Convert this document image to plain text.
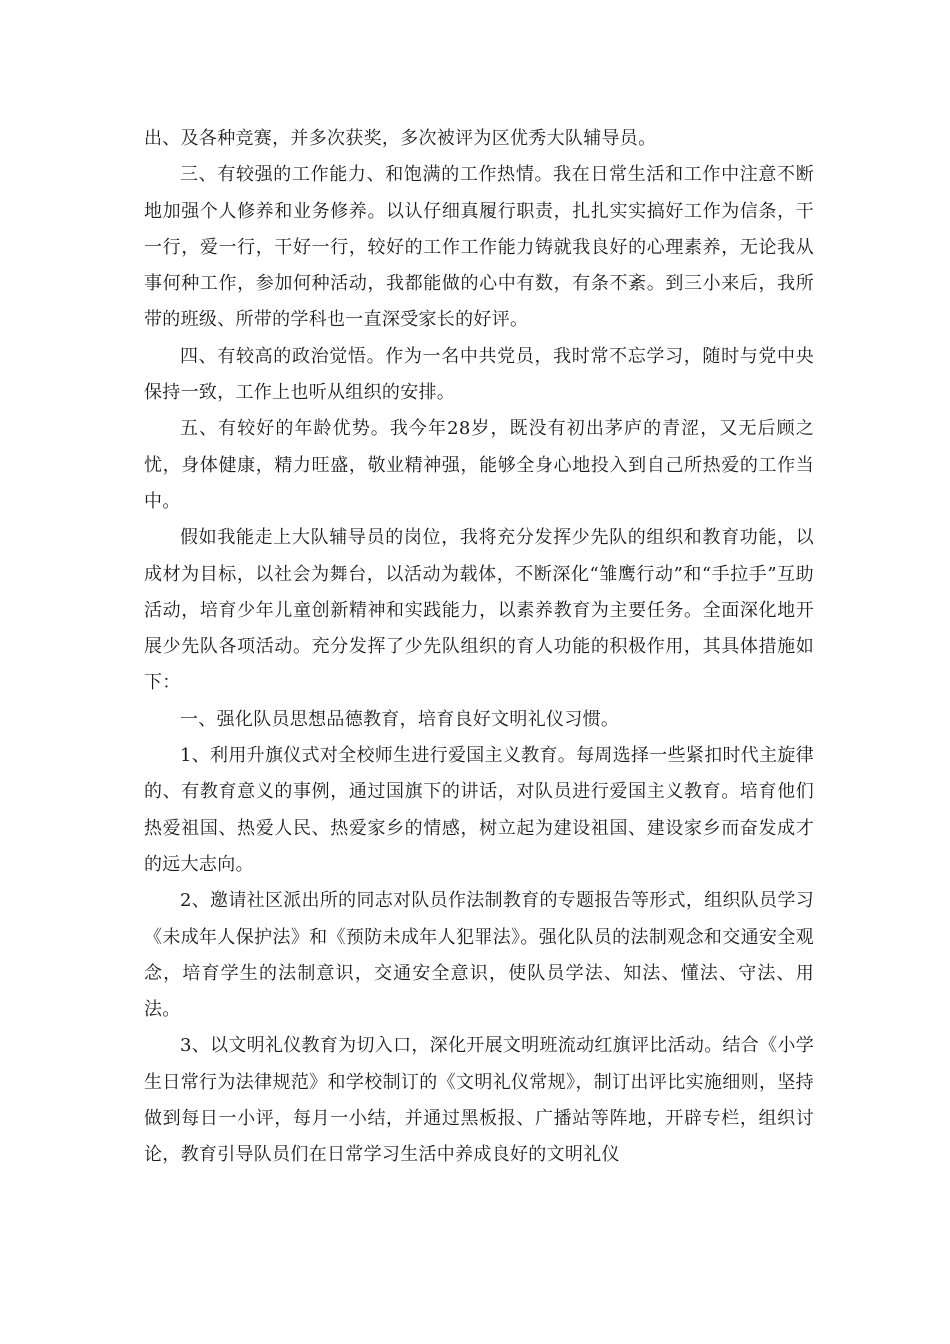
出、及各种竞赛，并多次获奖，多次被评为区优秀大队辅导员。

三、有较强的工作能力、和饱满的工作热情。我在日常生活和工作中注意不断地加强个人修养和业务修养。以认仔细真履行职责，扎扎实实搞好工作为信条，干一行，爱一行，干好一行，较好的工作工作能力铸就我良好的心理素养，无论我从事何种工作，参加何种活动，我都能做的心中有数，有条不紊。到三小来后，我所带的班级、所带的学科也一直深受家长的好评。

四、有较高的政治觉悟。作为一名中共党员，我时常不忘学习，随时与党中央保持一致，工作上也听从组织的安排。

五、有较好的年龄优势。我今年28岁，既没有初出茅庐的青涩，又无后顾之忧，身体健康，精力旺盛，敬业精神强，能够全身心地投入到自己所热爱的工作当中。

假如我能走上大队辅导员的岗位，我将充分发挥少先队的组织和教育功能，以成材为目标，以社会为舞台，以活动为载体，不断深化“雏鹰行动”和“手拉手”互助活动，培育少年儿童创新精神和实践能力，以素养教育为主要任务。全面深化地开展少先队各项活动。充分发挥了少先队组织的育人功能的积极作用，其具体措施如下：

一、强化队员思想品德教育，培育良好文明礼仪习惯。

1、利用升旗仪式对全校师生进行爱国主义教育。每周选择一些紧扣时代主旋律的、有教育意义的事例，通过国旗下的讲话，对队员进行爱国主义教育。培育他们热爱祖国、热爱人民、热爱家乡的情感，树立起为建设祖国、建设家乡而奋发成才的远大志向。

2、邀请社区派出所的同志对队员作法制教育的专题报告等形式，组织队员学习《未成年人保护法》和《预防未成年人犯罪法》。强化队员的法制观念和交通安全观念，培育学生的法制意识，交通安全意识，使队员学法、知法、懂法、守法、用法。

3、以文明礼仪教育为切入口，深化开展文明班流动红旗评比活动。结合《小学生日常行为法律规范》和学校制订的《文明礼仪常规》，制订出评比实施细则，坚持做到每日一小评，每月一小结，并通过黑板报、广播站等阵地，开辟专栏，组织讨论，教育引导队员们在日常学习生活中养成良好的文明礼仪
